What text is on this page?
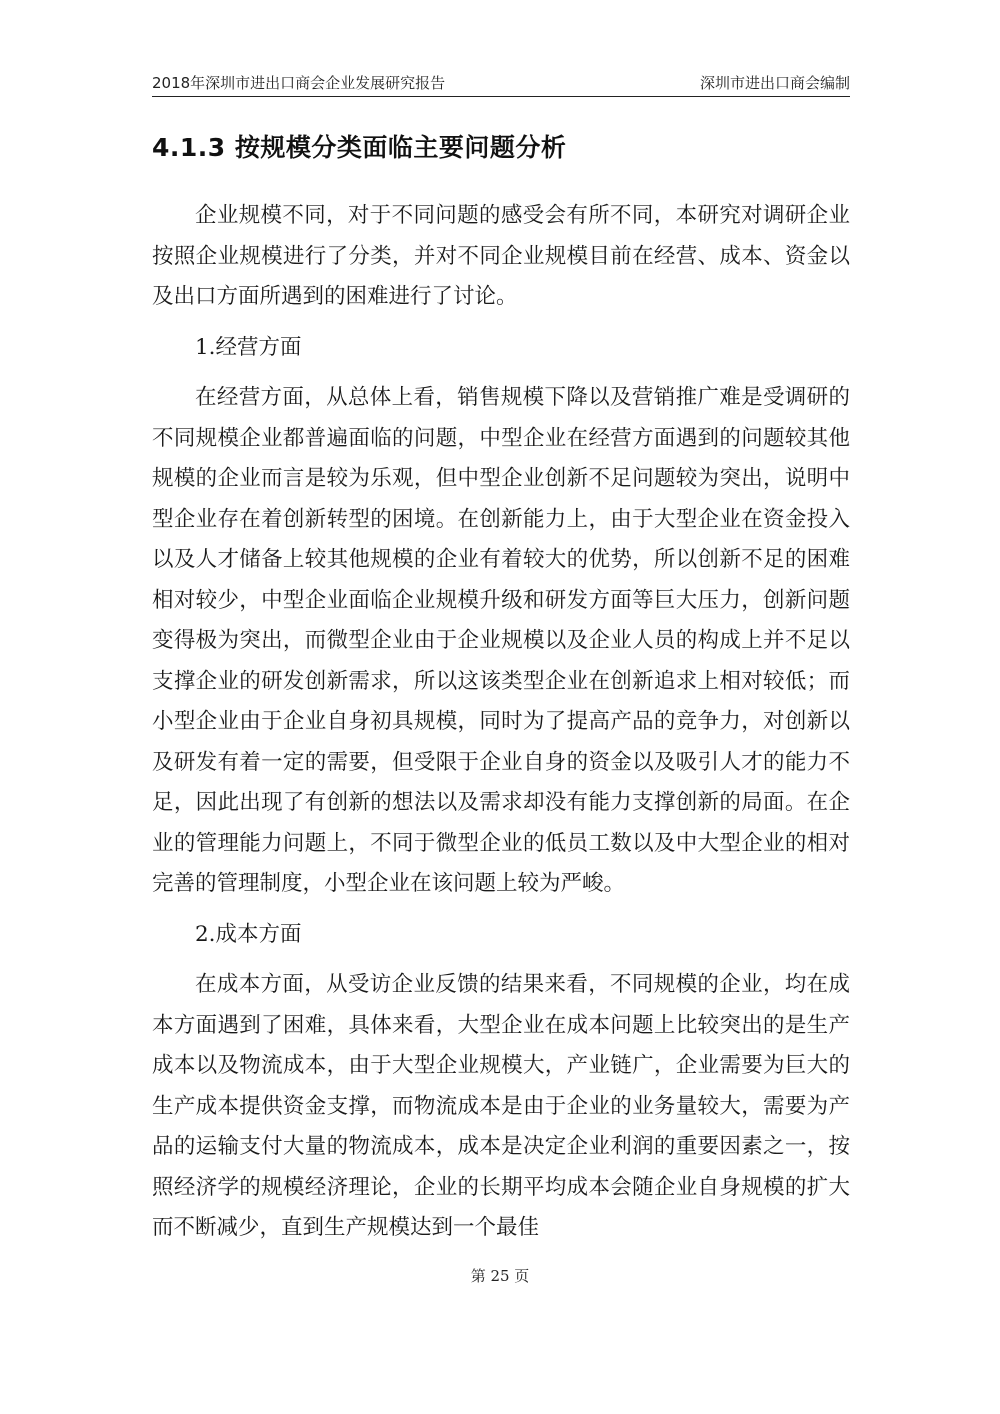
2018年深圳市进出口商会企业发展研究报告	深圳市进出口商会编制
4.1.3 按规模分类面临主要问题分析

企业规模不同，对于不同问题的感受会有所不同，本研究对调研企业按照企业规模进行了分类，并对不同企业规模目前在经营、成本、资金以及出口方面所遇到的困难进行了讨论。

1.经营方面

在经营方面，从总体上看，销售规模下降以及营销推广难是受调研的不同规模企业都普遍面临的问题，中型企业在经营方面遇到的问题较其他规模的企业而言是较为乐观，但中型企业创新不足问题较为突出，说明中型企业存在着创新转型的困境。在创新能力上，由于大型企业在资金投入以及人才储备上较其他规模的企业有着较大的优势，所以创新不足的困难相对较少，中型企业面临企业规模升级和研发方面等巨大压力，创新问题变得极为突出，而微型企业由于企业规模以及企业人员的构成上并不足以支撑企业的研发创新需求，所以这该类型企业在创新追求上相对较低；而小型企业由于企业自身初具规模，同时为了提高产品的竞争力，对创新以及研发有着一定的需要，但受限于企业自身的资金以及吸引人才的能力不足，因此出现了有创新的想法以及需求却没有能力支撑创新的局面。在企业的管理能力问题上，不同于微型企业的低员工数以及中大型企业的相对完善的管理制度，小型企业在该问题上较为严峻。

2.成本方面

在成本方面，从受访企业反馈的结果来看，不同规模的企业，均在成本方面遇到了困难，具体来看，大型企业在成本问题上比较突出的是生产成本以及物流成本，由于大型企业规模大，产业链广，企业需要为巨大的生产成本提供资金支撑，而物流成本是由于企业的业务量较大，需要为产品的运输支付大量的物流成本，成本是决定企业利润的重要因素之一，按照经济学的规模经济理论，企业的长期平均成本会随企业自身规模的扩大而不断减少，直到生产规模达到一个最佳

第 25 页
